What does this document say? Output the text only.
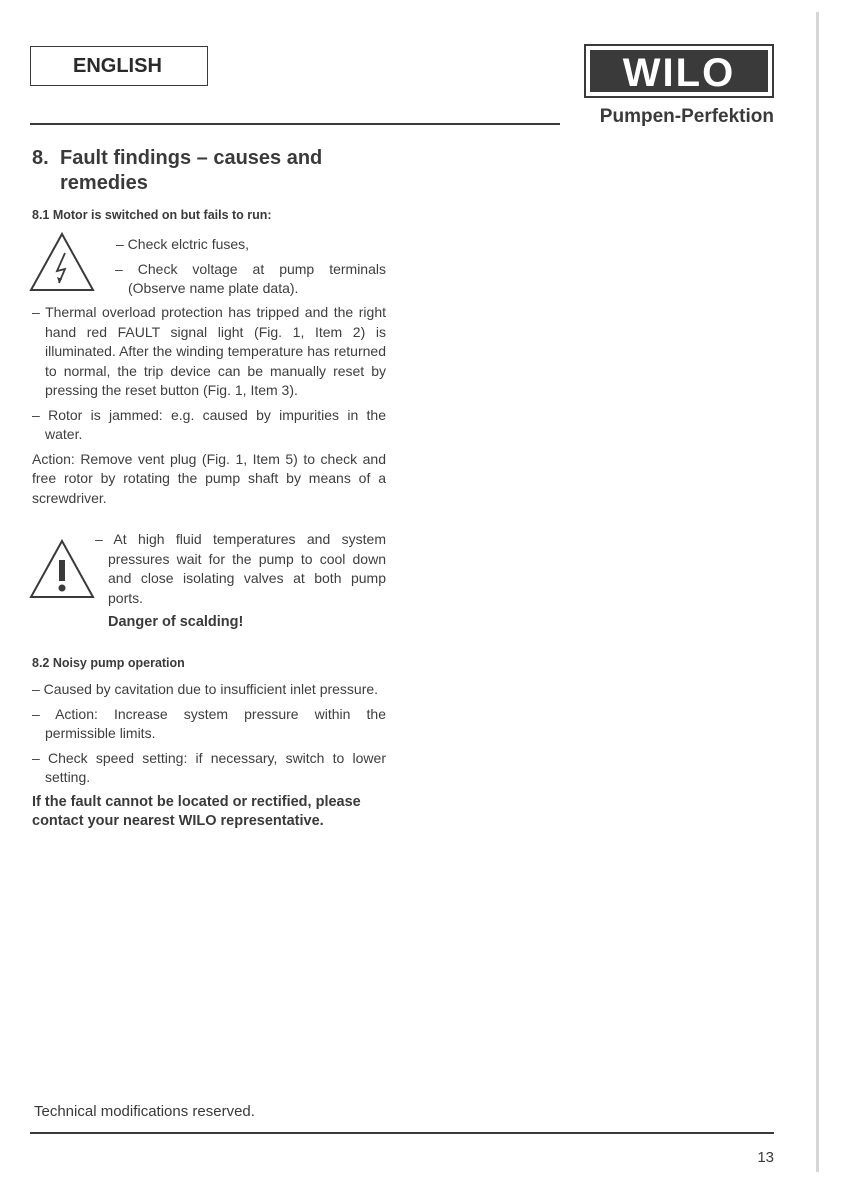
ENGLISH	WILO
Pumpen-Perfektion
8. Fault findings – causes and
remedies
8.1 Motor is switched on but fails to run:

– Check elctric fuses,

– Check voltage at pump terminals (Observe name plate data).

– Thermal overload protection has tripped and the right hand red FAULT signal light (Fig. 1, Item 2) is illuminated. After the winding temperature has returned to normal, the trip device can be manually reset by pressing the reset button (Fig. 1, Item 3).

– Rotor is jammed: e.g. caused by impurities in the water.

Action: Remove vent plug (Fig. 1, Item 5) to check and free rotor by rotating the pump shaft by means of a screwdriver.

– At high fluid temperatures and system pressures wait for the pump to cool down and close isolating valves at both pump ports.

Danger of scalding!

8.2 Noisy pump operation

– Caused by cavitation due to insufficient inlet pressure.

– Action: Increase system pressure within the permissible limits.

– Check speed setting: if necessary, switch to lower setting.

If the fault cannot be located or rectified, please contact your nearest WILO representative.

Technical modifications reserved.
13
